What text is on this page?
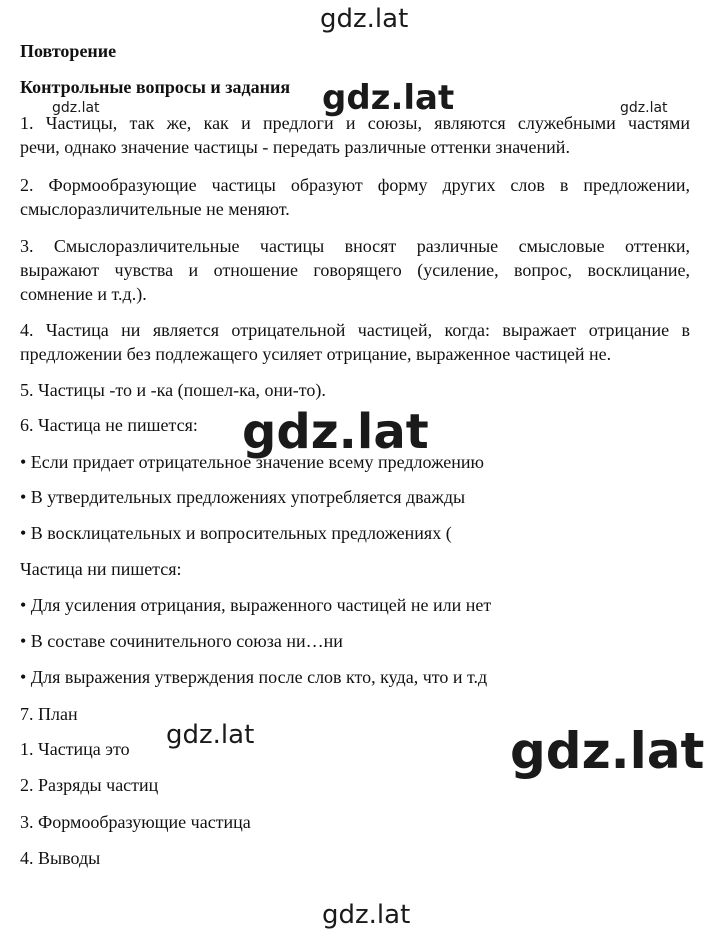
Повторение
Контрольные вопросы и задания
1. Частицы, так же, как и предлоги и союзы, являются служебными частями
речи, однако значение частицы - передать различные оттенки значений.
2. Формообразующие частицы образуют форму других слов в предложении,
смыслоразличительные не меняют.
3. Смыслоразличительные частицы вносят различные смысловые оттенки,
выражают чувства и отношение говорящего (усиление, вопрос, восклицание,
сомнение и т.д.).
4. Частица ни является отрицательной частицей, когда: выражает отрицание в
предложении без подлежащего усиляет отрицание, выраженное частицей не.
5. Частицы -то и -ка (пошел-ка, они-то).
6. Частица не пишется:
• Если придает отрицательное значение всему предложению
• В утвердительных предложениях употребляется дважды
• В восклицательных и вопросительных предложениях (
Частица ни пишется:
• Для усиления отрицания, выраженного частицей не или нет
• В составе сочинительного союза ни…ни
• Для выражения утверждения после слов кто, куда, что и т.д
7. План
1. Частица это
2. Разряды частиц
3. Формообразующие частица
4. Выводы
gdz.lat
gdz.lat	gdz.lat
gdz.lat
gdz.lat
gdz.lat	gdz.lat
gdz.lat
